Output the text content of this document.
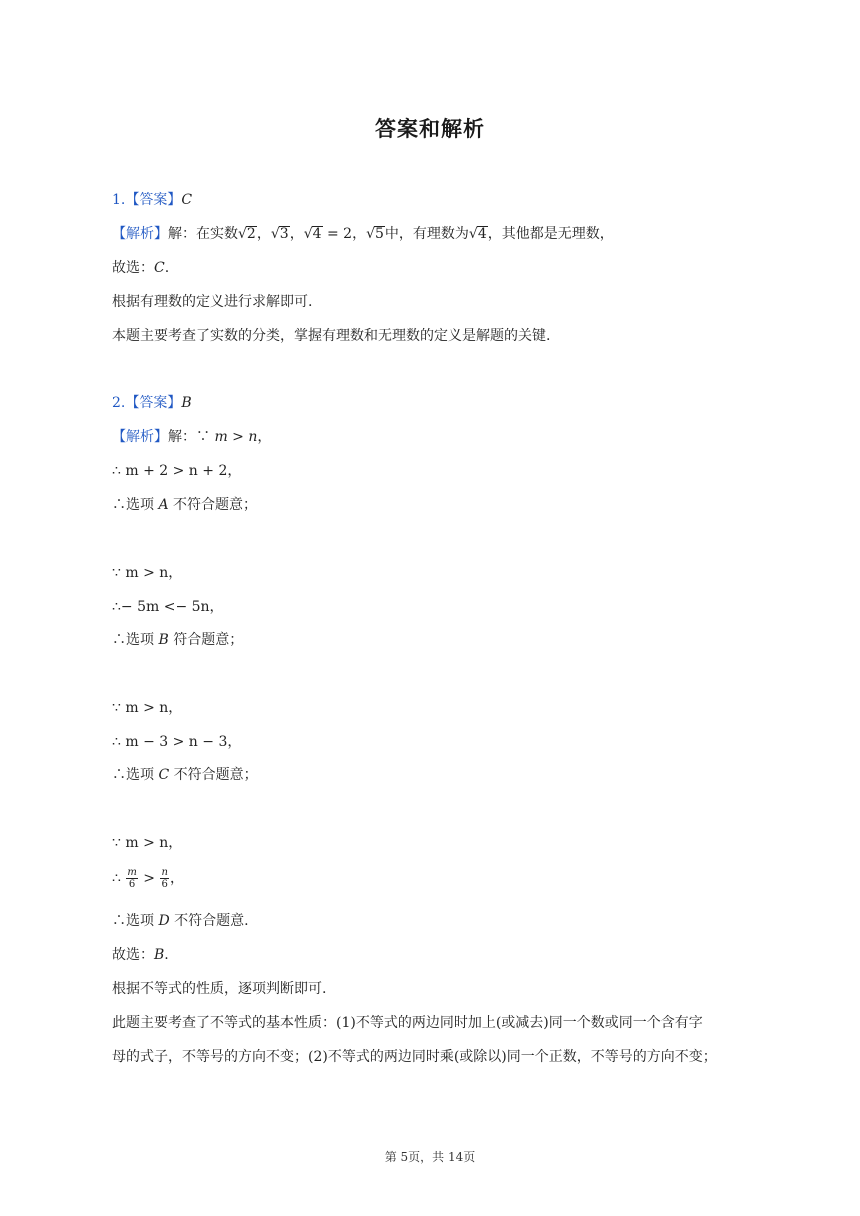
答案和解析
1.【答案】C
【解析】解：在实数√2，√3，√4 = 2，√5中，有理数为√4，其他都是无理数，
故选：C.
根据有理数的定义进行求解即可.
本题主要考查了实数的分类，掌握有理数和无理数的定义是解题的关键.
2.【答案】B
【解析】解：∵ m > n，
∴ m + 2 > n + 2，
∴选项 A 不符合题意；
∵ m > n，
∴− 5m <− 5n，
∴选项 B 符合题意；
∵ m > n，
∴ m − 3 > n − 3，
∴选项 C 不符合题意；
∵ m > n，
∴ $\frac{m}{6} > \frac{n}{6}$ ，
∴选项 D 不符合题意.
故选：B.
根据不等式的性质，逐项判断即可.
此题主要考查了不等式的基本性质：(1)不等式的两边同时加上(或减去)同一个数或同一个含有字
母的式子，不等号的方向不变；(2)不等式的两边同时乘(或除以)同一个正数，不等号的方向不变；
第 5页，共 14页
